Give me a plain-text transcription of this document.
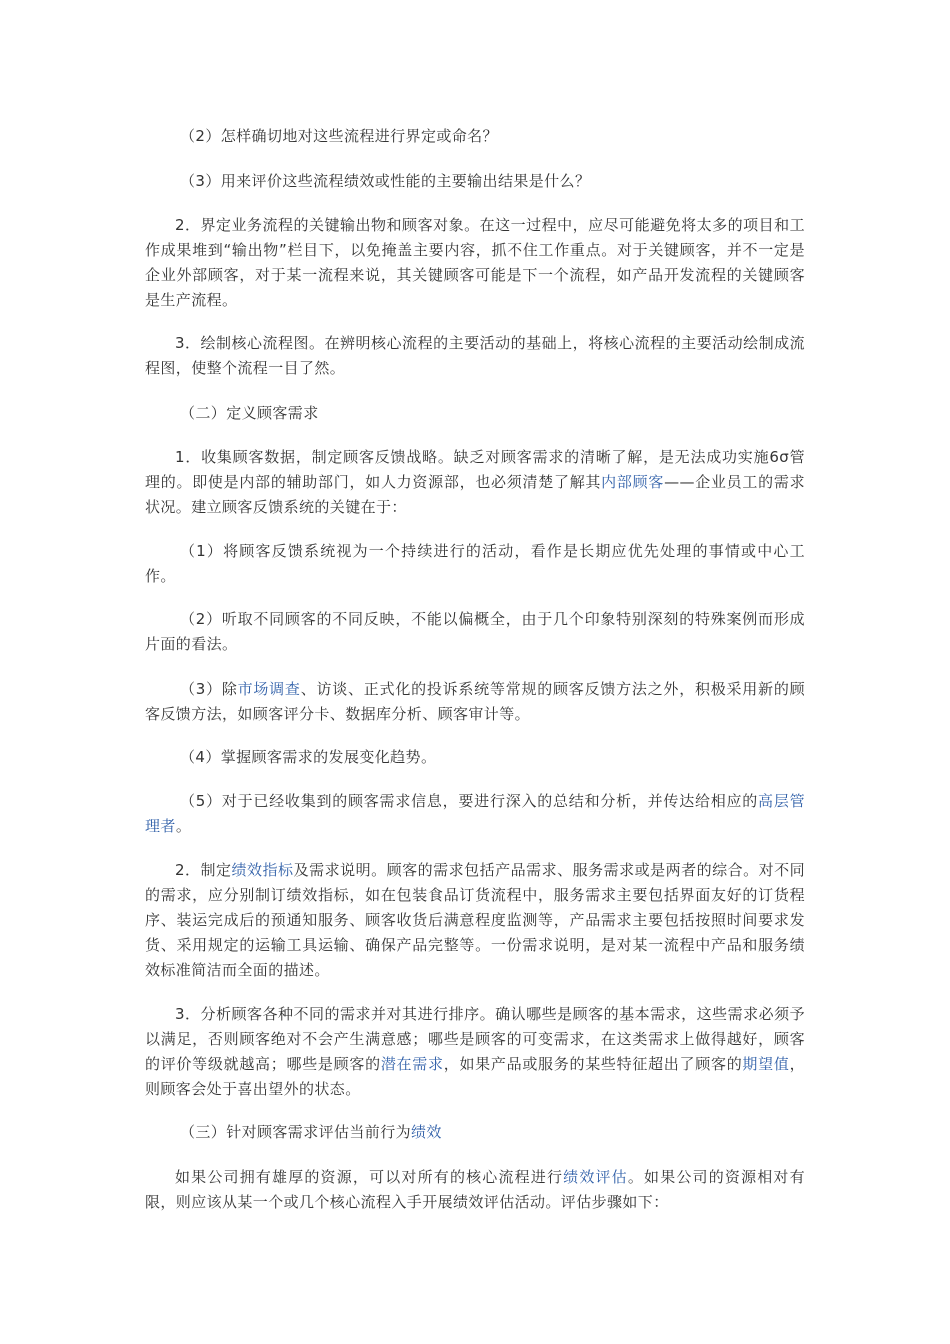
（2）怎样确切地对这些流程进行界定或命名？

（3）用来评价这些流程绩效或性能的主要输出结果是什么？

2．界定业务流程的关键输出物和顾客对象。在这一过程中，应尽可能避免将太多的项目和工作成果堆到“输出物”栏目下，以免掩盖主要内容，抓不住工作重点。对于关键顾客，并不一定是企业外部顾客，对于某一流程来说，其关键顾客可能是下一个流程，如产品开发流程的关键顾客是生产流程。

3．绘制核心流程图。在辨明核心流程的主要活动的基础上，将核心流程的主要活动绘制成流程图，使整个流程一目了然。

（二）定义顾客需求

1．收集顾客数据，制定顾客反馈战略。缺乏对顾客需求的清晰了解，是无法成功实施6σ管理的。即使是内部的辅助部门，如人力资源部，也必须清楚了解其内部顾客——企业员工的需求状况。建立顾客反馈系统的关键在于：

（1）将顾客反馈系统视为一个持续进行的活动，看作是长期应优先处理的事情或中心工作。

（2）听取不同顾客的不同反映，不能以偏概全，由于几个印象特别深刻的特殊案例而形成片面的看法。

（3）除市场调查、访谈、正式化的投诉系统等常规的顾客反馈方法之外，积极采用新的顾客反馈方法，如顾客评分卡、数据库分析、顾客审计等。

（4）掌握顾客需求的发展变化趋势。

（5）对于已经收集到的顾客需求信息，要进行深入的总结和分析，并传达给相应的高层管理者。

2．制定绩效指标及需求说明。顾客的需求包括产品需求、服务需求或是两者的综合。对不同的需求，应分别制订绩效指标，如在包装食品订货流程中，服务需求主要包括界面友好的订货程序、装运完成后的预通知服务、顾客收货后满意程度监测等，产品需求主要包括按照时间要求发货、采用规定的运输工具运输、确保产品完整等。一份需求说明，是对某一流程中产品和服务绩效标准简洁而全面的描述。

3．分析顾客各种不同的需求并对其进行排序。确认哪些是顾客的基本需求，这些需求必须予以满足，否则顾客绝对不会产生满意感；哪些是顾客的可变需求，在这类需求上做得越好，顾客的评价等级就越高；哪些是顾客的潜在需求，如果产品或服务的某些特征超出了顾客的期望值，则顾客会处于喜出望外的状态。

（三）针对顾客需求评估当前行为绩效

如果公司拥有雄厚的资源，可以对所有的核心流程进行绩效评估。如果公司的资源相对有限，则应该从某一个或几个核心流程入手开展绩效评估活动。评估步骤如下：
